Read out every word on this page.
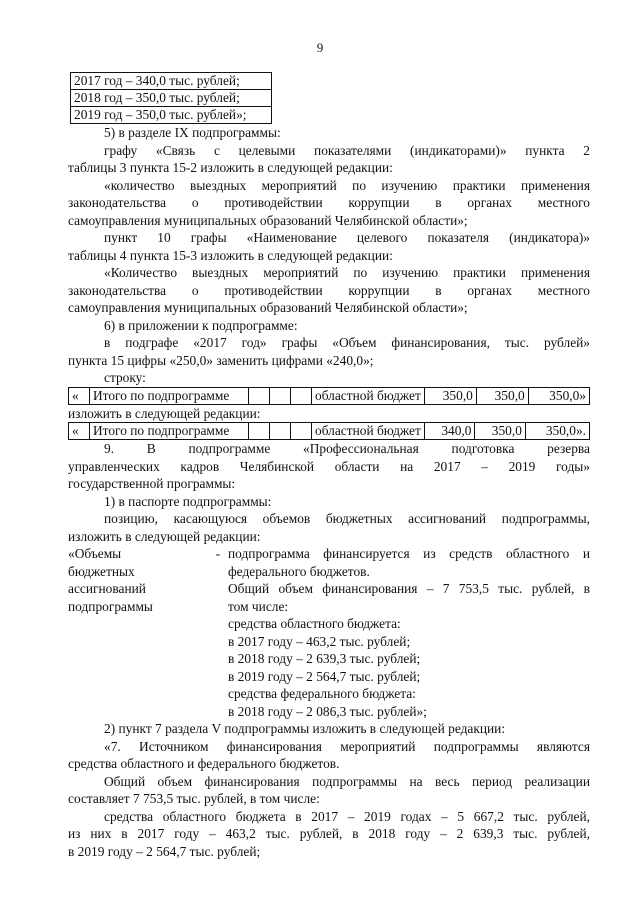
9
2017 год – 340,0 тыс. рублей;
2018 год – 350,0 тыс. рублей;
2019 год – 350,0 тыс. рублей»;
5) в разделе IX подпрограммы:
графу «Связь с целевыми показателями (индикаторами)» пункта 2
таблицы 3 пункта 15-2 изложить в следующей редакции:
«количество выездных мероприятий по изучению практики применения
законодательства о противодействии коррупции в органах местного
самоуправления муниципальных образований Челябинской области»;
пункт 10 графы «Наименование целевого показателя (индикатора)»
таблицы 4 пункта 15-3 изложить в следующей редакции:
«Количество выездных мероприятий по изучению практики применения
законодательства о противодействии коррупции в органах местного
самоуправления муниципальных образований Челябинской области»;
6) в приложении к подпрограмме:
в подграфе «2017 год» графы «Объем финансирования, тыс. рублей»
пункта 15 цифры «250,0» заменить цифрами «240,0»;
строку:
«	Итого по подпрограмме				областной бюджет	350,0	350,0	350,0»
изложить в следующей редакции:
«	Итого по подпрограмме				областной бюджет	340,0	350,0	350,0».
9. В подпрограмме «Профессиональная подготовка резерва
управленческих кадров Челябинской области на 2017 – 2019 годы»
государственной программы:
1) в паспорте подпрограммы:
позицию, касающуюся объемов бюджетных ассигнований подпрограммы,
изложить в следующей редакции:
«Объемы
бюджетных
ассигнований
подпрограммы
- подпрограмма финансируется из средств областного и
федерального бюджетов.
Общий объем финансирования – 7 753,5 тыс. рублей, в
том числе:
средства областного бюджета:
в 2017 году – 463,2 тыс. рублей;
в 2018 году – 2 639,3 тыс. рублей;
в 2019 году – 2 564,7 тыс. рублей;
средства федерального бюджета:
в 2018 году – 2 086,3 тыс. рублей»;
2) пункт 7 раздела V подпрограммы изложить в следующей редакции:
«7. Источником финансирования мероприятий подпрограммы являются
средства областного и федерального бюджетов.
Общий объем финансирования подпрограммы на весь период реализации
составляет 7 753,5 тыс. рублей, в том числе:
средства областного бюджета в 2017 – 2019 годах – 5 667,2 тыс. рублей,
из них в 2017 году – 463,2 тыс. рублей, в 2018 году – 2 639,3 тыс. рублей,
в 2019 году – 2 564,7 тыс. рублей;
